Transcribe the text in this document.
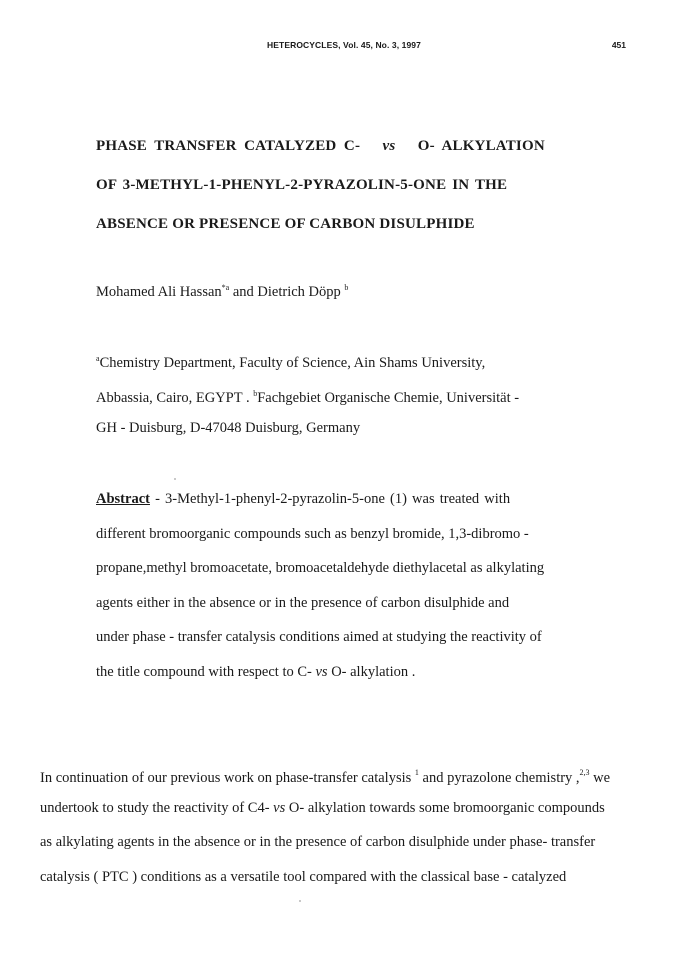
HETEROCYCLES, Vol. 45, No. 3, 1997	451
PHASE TRANSFER CATALYZED C- vs O- ALKYLATION
OF 3-METHYL-1-PHENYL-2-PYRAZOLIN-5-ONE IN THE
ABSENCE OR PRESENCE OF CARBON DISULPHIDE
Mohamed Ali Hassan$^{*a}$ and Dietrich Döpp $^b$
$^a$Chemistry Department, Faculty of Science, Ain Shams University,
Abbassia, Cairo, EGYPT . $^b$Fachgebiet Organische Chemie, Universität -
GH - Duisburg, D-47048 Duisburg, Germany
Abstract - 3-Methyl-1-phenyl-2-pyrazolin-5-one (1) was treated with
different bromoorganic compounds such as benzyl bromide, 1,3-dibromo -
propane,methyl bromoacetate, bromoacetaldehyde diethylacetal as alkylating
agents either in the absence or in the presence of carbon disulphide and
under phase - transfer catalysis conditions aimed at studying the reactivity of
the title compound with respect to C- vs O- alkylation .
In continuation of our previous work on phase-transfer catalysis $^1$ and pyrazolone chemistry ,$^{2,3}$ we
undertook to study the reactivity of C4- vs O- alkylation towards some bromoorganic compounds
as alkylating agents in the absence or in the presence of carbon disulphide under phase- transfer
catalysis ( PTC ) conditions as a versatile tool compared with the classical base - catalyzed
